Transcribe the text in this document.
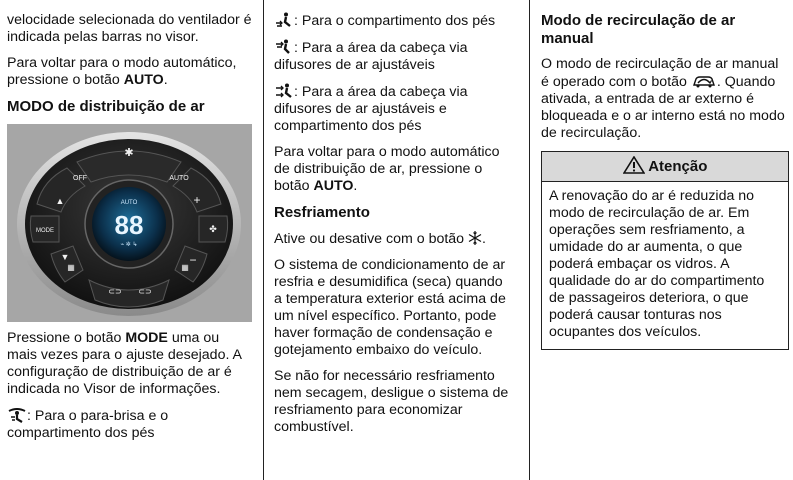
velocidade selecionada do ventilador é indicada pelas barras no visor.

Para voltar para o modo automático, pressione o botão AUTO.

MODO de distribuição de ar
✱
OFF	AUTO
MODE
▲
▼
+
✤
−
▦	▦
⊂⊃ ⊂⊃
AUTO
88
⌁ ✲ ↳

Pressione o botão MODE uma ou mais vezes para o ajuste desejado. A configuração de distribuição de ar é indicada no Visor de informações.

: Para o para-brisa e o compartimento dos pés

: Para o compartimento dos pés

: Para a área da cabeça via difusores de ar ajustáveis

: Para a área da cabeça via difusores de ar ajustáveis e compartimento dos pés

Para voltar para o modo automático de distribuição de ar, pressione o botão AUTO.

Resfriamento

Ative ou desative com o botão .

O sistema de condicionamento de ar resfria e desumidifica (seca) quando a temperatura exterior está acima de um nível específico. Portanto, pode haver formação de condensação e gotejamento embaixo do veículo.

Se não for necessário resfriamento nem secagem, desligue o sistema de resfriamento para economizar combustível.

Modo de recirculação de ar manual

O modo de recirculação de ar manual é operado com o botão . Quando ativada, a entrada de ar externo é bloqueada e o ar interno está no modo de recirculação.

Atenção
A renovação do ar é reduzida no modo de recirculação de ar. Em operações sem resfriamento, a umidade do ar aumenta, o que poderá embaçar os vidros. A qualidade do ar do compartimento de passageiros deteriora, o que poderá causar tonturas nos ocupantes dos veículos.
